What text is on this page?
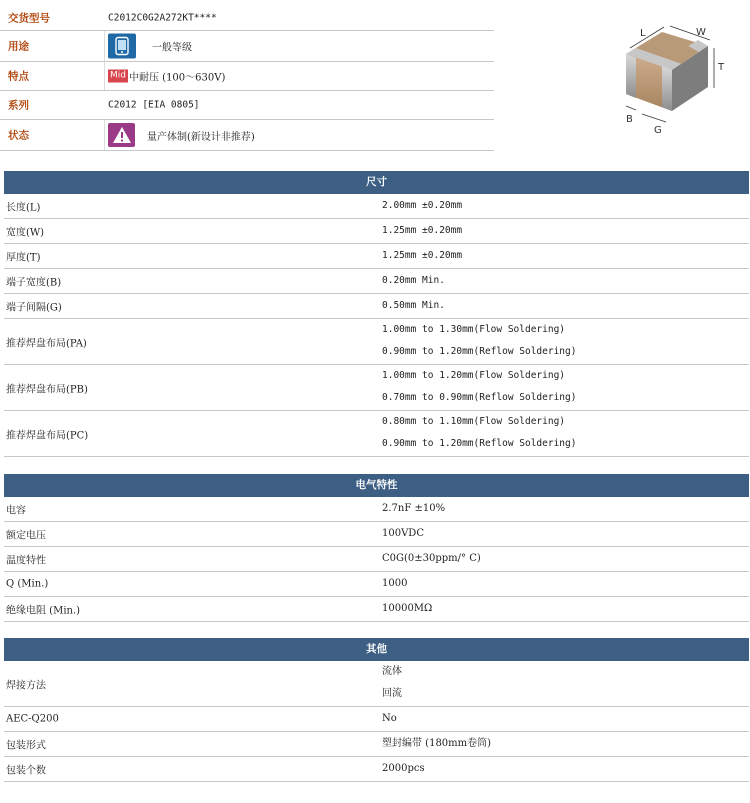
交货型号	C2012C0G2A272KT****
用途	一般等级
特点	Mid 中耐压 (100～630V)
系列	C2012 [EIA 0805]
状态	量产体制(新设计非推荐)
L	W
T
B
G
尺寸
长度(L)	2.00mm ±0.20mm
宽度(W)	1.25mm ±0.20mm
厚度(T)	1.25mm ±0.20mm
端子宽度(B)	0.20mm Min.
端子间隔(G)	0.50mm Min.
推荐焊盘布局(PA)
1.00mm to 1.30mm(Flow Soldering)
0.90mm to 1.20mm(Reflow Soldering)
推荐焊盘布局(PB)
1.00mm to 1.20mm(Flow Soldering)
0.70mm to 0.90mm(Reflow Soldering)
推荐焊盘布局(PC)
0.80mm to 1.10mm(Flow Soldering)
0.90mm to 1.20mm(Reflow Soldering)
电气特性
电容	2.7nF ±10%
额定电压	100VDC
温度特性	C0G(0±30ppm/° C)
Q (Min.)	1000
绝缘电阻 (Min.)	10000MΩ
其他
焊接方法
流体
回流
AEC-Q200	No
包装形式	塑封编带 (180mm卷筒)
包装个数	2000pcs
